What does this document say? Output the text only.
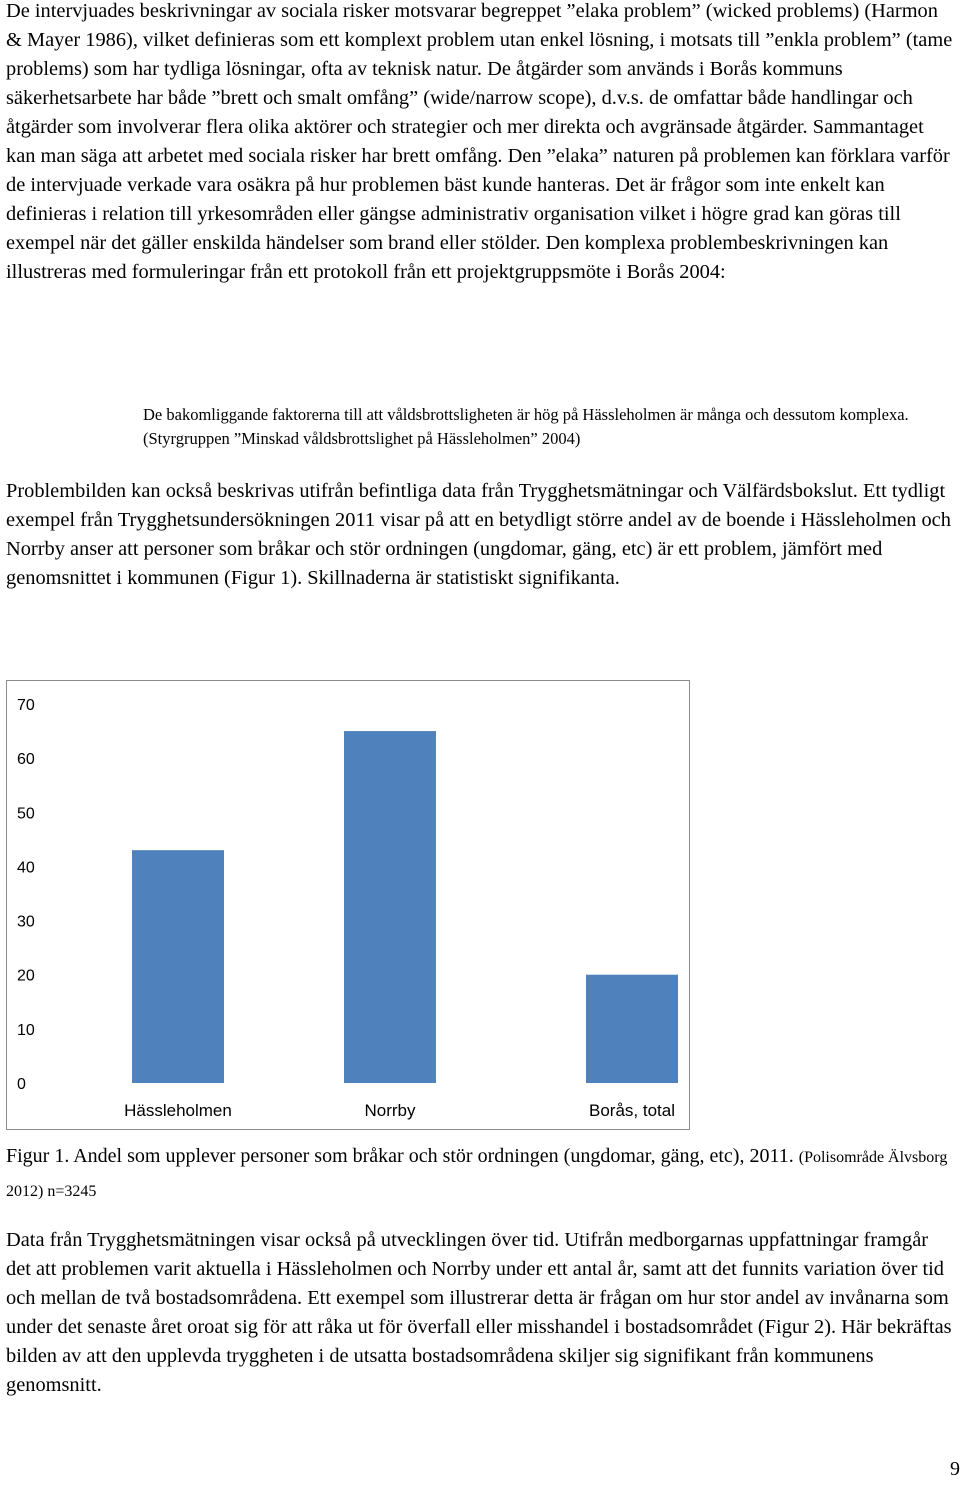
De intervjuades beskrivningar av sociala risker motsvarar begreppet ”elaka problem” (wicked problems) (Harmon & Mayer 1986), vilket definieras som ett komplext problem utan enkel lösning, i motsats till ”enkla problem” (tame problems) som har tydliga lösningar, ofta av teknisk natur. De åtgärder som används i Borås kommuns säkerhetsarbete har både ”brett och smalt omfång” (wide/narrow scope), d.v.s. de omfattar både handlingar och åtgärder som involverar flera olika aktörer och strategier och mer direkta och avgränsade åtgärder. Sammantaget kan man säga att arbetet med sociala risker har brett omfång. Den ”elaka” naturen på problemen kan förklara varför de intervjuade verkade vara osäkra på hur problemen bäst kunde hanteras. Det är frågor som inte enkelt kan definieras i relation till yrkesområden eller gängse administrativ organisation vilket i högre grad kan göras till exempel när det gäller enskilda händelser som brand eller stölder. Den komplexa problembeskrivningen kan illustreras med formuleringar från ett protokoll från ett projektgruppsmöte i Borås 2004:

De bakomliggande faktorerna till att våldsbrottsligheten är hög på Hässleholmen är många och dessutom komplexa. (Styrgruppen ”Minskad våldsbrottslighet på Hässleholmen” 2004)

Problembilden kan också beskrivas utifrån befintliga data från Trygghetsmätningar och Välfärdsbokslut. Ett tydligt exempel från Trygghetsundersökningen 2011 visar på att en betydligt större andel av de boende i Hässleholmen och Norrby anser att personer som bråkar och stör ordningen (ungdomar, gäng, etc) är ett problem, jämfört med genomsnittet i kommunen (Figur 1). Skillnaderna är statistiskt signifikanta.

0
10
20
30
40
50
60
70
Hässleholmen	Norrby	Borås, total
Figur 1. Andel som upplever personer som bråkar och stör ordningen (ungdomar, gäng, etc), 2011. (Polisområde Älvsborg 2012) n=3245

Data från Trygghetsmätningen visar också på utvecklingen över tid. Utifrån medborgarnas uppfattningar framgår det att problemen varit aktuella i Hässleholmen och Norrby under ett antal år, samt att det funnits variation över tid och mellan de två bostadsområdena. Ett exempel som illustrerar detta är frågan om hur stor andel av invånarna som under det senaste året oroat sig för att råka ut för överfall eller misshandel i bostadsområdet (Figur 2). Här bekräftas bilden av att den upplevda tryggheten i de utsatta bostadsområdena skiljer sig signifikant från kommunens genomsnitt.

9
